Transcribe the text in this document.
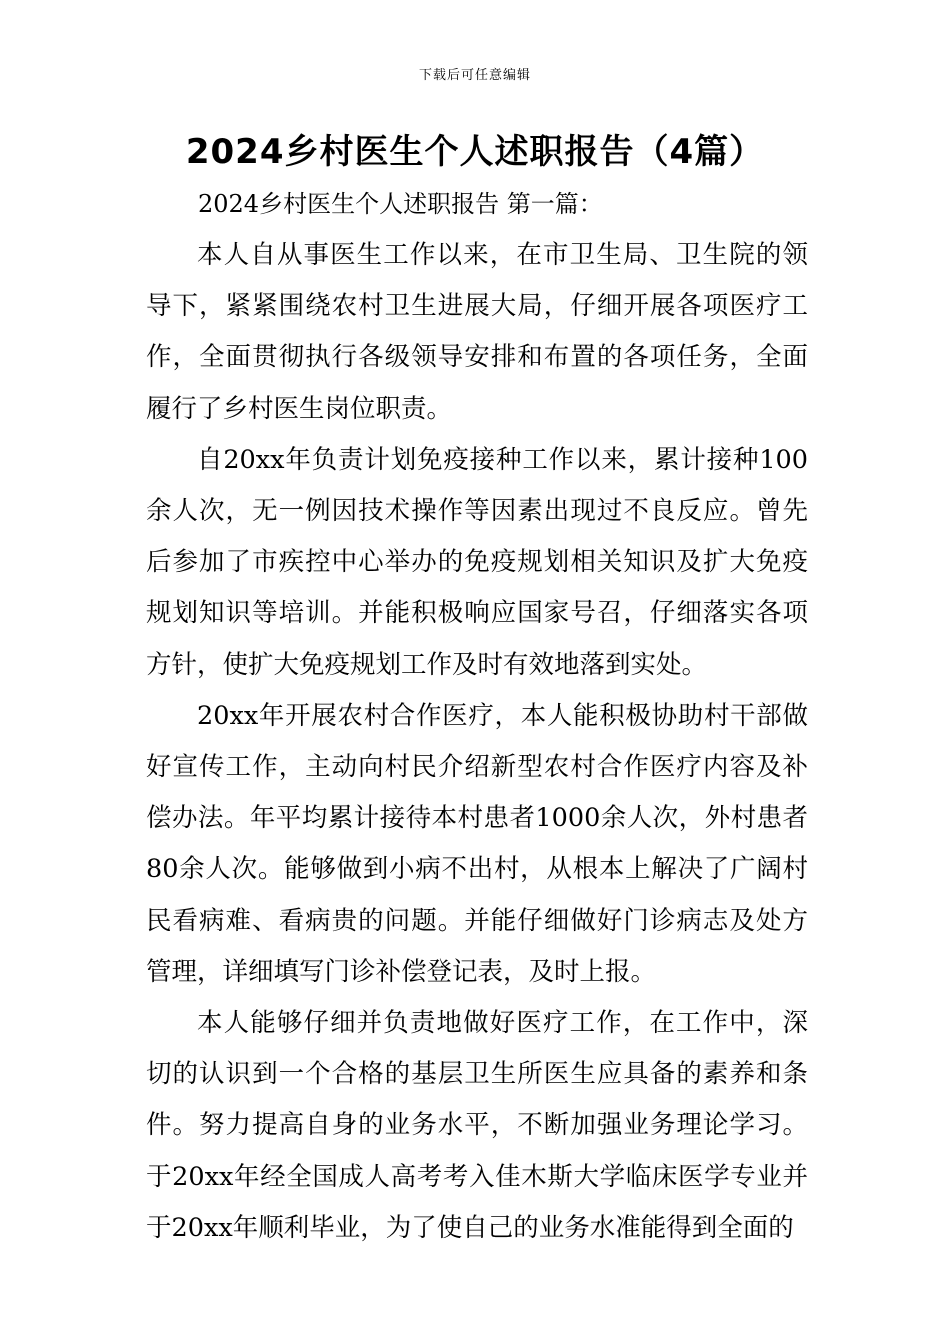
下载后可任意编辑
2024乡村医生个人述职报告（4篇）
2024乡村医生个人述职报告 第一篇：

本人自从事医生工作以来，在市卫生局、卫生院的领导下，紧紧围绕农村卫生进展大局，仔细开展各项医疗工作，全面贯彻执行各级领导安排和布置的各项任务，全面履行了乡村医生岗位职责。

自20xx年负责计划免疫接种工作以来，累计接种100余人次，无一例因技术操作等因素出现过不良反应。曾先后参加了市疾控中心举办的免疫规划相关知识及扩大免疫规划知识等培训。并能积极响应国家号召，仔细落实各项方针，使扩大免疫规划工作及时有效地落到实处。

20xx年开展农村合作医疗，本人能积极协助村干部做好宣传工作，主动向村民介绍新型农村合作医疗内容及补偿办法。年平均累计接待本村患者1000余人次，外村患者80余人次。能够做到小病不出村，从根本上解决了广阔村民看病难、看病贵的问题。并能仔细做好门诊病志及处方管理，详细填写门诊补偿登记表，及时上报。

本人能够仔细并负责地做好医疗工作，在工作中，深切的认识到一个合格的基层卫生所医生应具备的素养和条件。努力提高自身的业务水平，不断加强业务理论学习。于20xx年经全国成人高考考入佳木斯大学临床医学专业并于20xx年顺利毕业，为了使自己的业务水准能得到全面的
